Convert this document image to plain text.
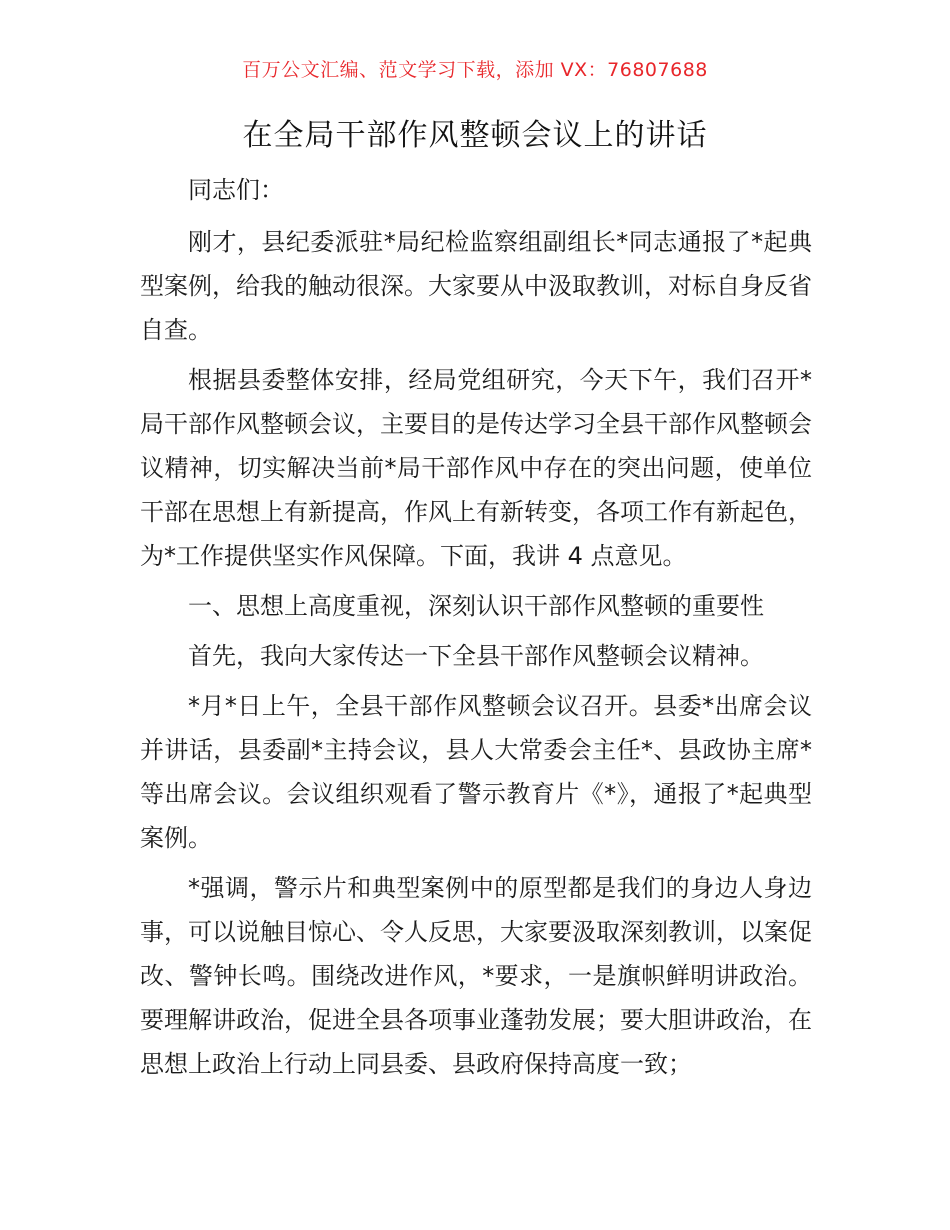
百万公文汇编、范文学习下载，添加 VX：76807688
在全局干部作风整顿会议上的讲话

同志们：

刚才，县纪委派驻*局纪检监察组副组长*同志通报了*起典型案例，给我的触动很深。大家要从中汲取教训，对标自身反省自查。

根据县委整体安排，经局党组研究，今天下午，我们召开*局干部作风整顿会议，主要目的是传达学习全县干部作风整顿会议精神，切实解决当前*局干部作风中存在的突出问题，使单位干部在思想上有新提高，作风上有新转变，各项工作有新起色，为*工作提供坚实作风保障。下面，我讲 4 点意见。

一、思想上高度重视，深刻认识干部作风整顿的重要性

首先，我向大家传达一下全县干部作风整顿会议精神。

*月*日上午，全县干部作风整顿会议召开。县委*出席会议并讲话，县委副*主持会议，县人大常委会主任*、县政协主席*等出席会议。会议组织观看了警示教育片《*》，通报了*起典型案例。

*强调，警示片和典型案例中的原型都是我们的身边人身边事，可以说触目惊心、令人反思，大家要汲取深刻教训，以案促改、警钟长鸣。围绕改进作风，*要求，一是旗帜鲜明讲政治。要理解讲政治，促进全县各项事业蓬勃发展；要大胆讲政治，在思想上政治上行动上同县委、县政府保持高度一致；
